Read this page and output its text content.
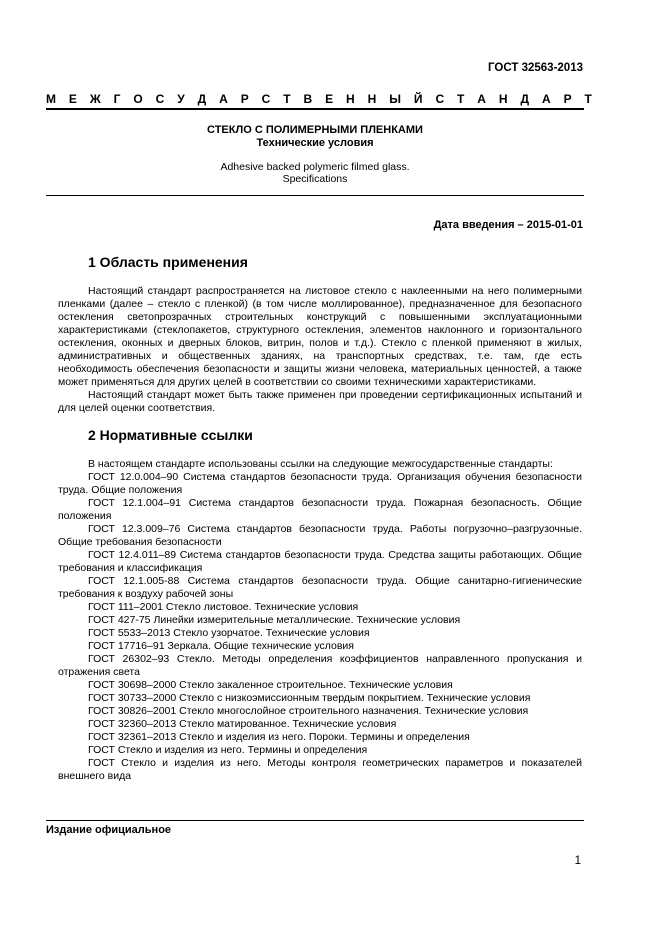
ГОСТ 32563-2013
М Е Ж Г О С У Д А Р С Т В Е Н Н Ы Й С Т А Н Д А Р Т
СТЕКЛО С ПОЛИМЕРНЫМИ ПЛЕНКАМИ
Технические условия
Adhesive backed polymeric filmed glass.
Specifications
Дата введения – 2015-01-01
1 Область применения

Настоящий стандарт распространяется на листовое стекло с наклеенными на него полимерными пленками (далее – стекло с пленкой) (в том числе моллированное), предназначенное для безопасного остекления светопрозрачных строительных конструкций с повышенными эксплуатационными характеристиками (стеклопакетов, структурного остекления, элементов наклонного и горизонтального остекления, оконных и дверных блоков, витрин, полов и т.д.). Стекло с пленкой применяют в жилых, административных и общественных зданиях, на транспортных средствах, т.е. там, где есть необходимость обеспечения безопасности и защиты жизни человека, материальных ценностей, а также может применяться для других целей в соответствии со своими техническими характеристиками.

Настоящий стандарт может быть также применен при проведении сертификационных испытаний и для целей оценки соответствия.

2 Нормативные ссылки

В настоящем стандарте использованы ссылки на следующие межгосударственные стандарты:

ГОСТ 12.0.004–90 Система стандартов безопасности труда. Организация обучения безопасности труда. Общие положения

ГОСТ 12.1.004–91 Система стандартов безопасности труда. Пожарная безопасность. Общие положения

ГОСТ 12.3.009–76 Система стандартов безопасности труда. Работы погрузочно–разгрузочные. Общие требования безопасности

ГОСТ 12.4.011–89 Система стандартов безопасности труда. Средства защиты работающих. Общие требования и классификация

ГОСТ 12.1.005-88 Система стандартов безопасности труда. Общие санитарно-гигиенические требования к воздуху рабочей зоны

ГОСТ 111–2001 Стекло листовое. Технические условия

ГОСТ 427-75 Линейки измерительные металлические. Технические условия

ГОСТ 5533–2013 Стекло узорчатое. Технические условия

ГОСТ 17716–91 Зеркала. Общие технические условия

ГОСТ 26302–93 Стекло. Методы определения коэффициентов направленного пропускания и отражения света

ГОСТ 30698–2000 Стекло закаленное строительное. Технические условия

ГОСТ 30733–2000 Стекло с низкоэмиссионным твердым покрытием. Технические условия

ГОСТ 30826–2001 Стекло многослойное строительного назначения. Технические условия

ГОСТ 32360–2013 Стекло матированное. Технические условия

ГОСТ 32361–2013 Стекло и изделия из него. Пороки. Термины и определения

ГОСТ Стекло и изделия из него. Термины и определения

ГОСТ Стекло и изделия из него. Методы контроля геометрических параметров и показателей внешнего вида

Издание официальное
1
